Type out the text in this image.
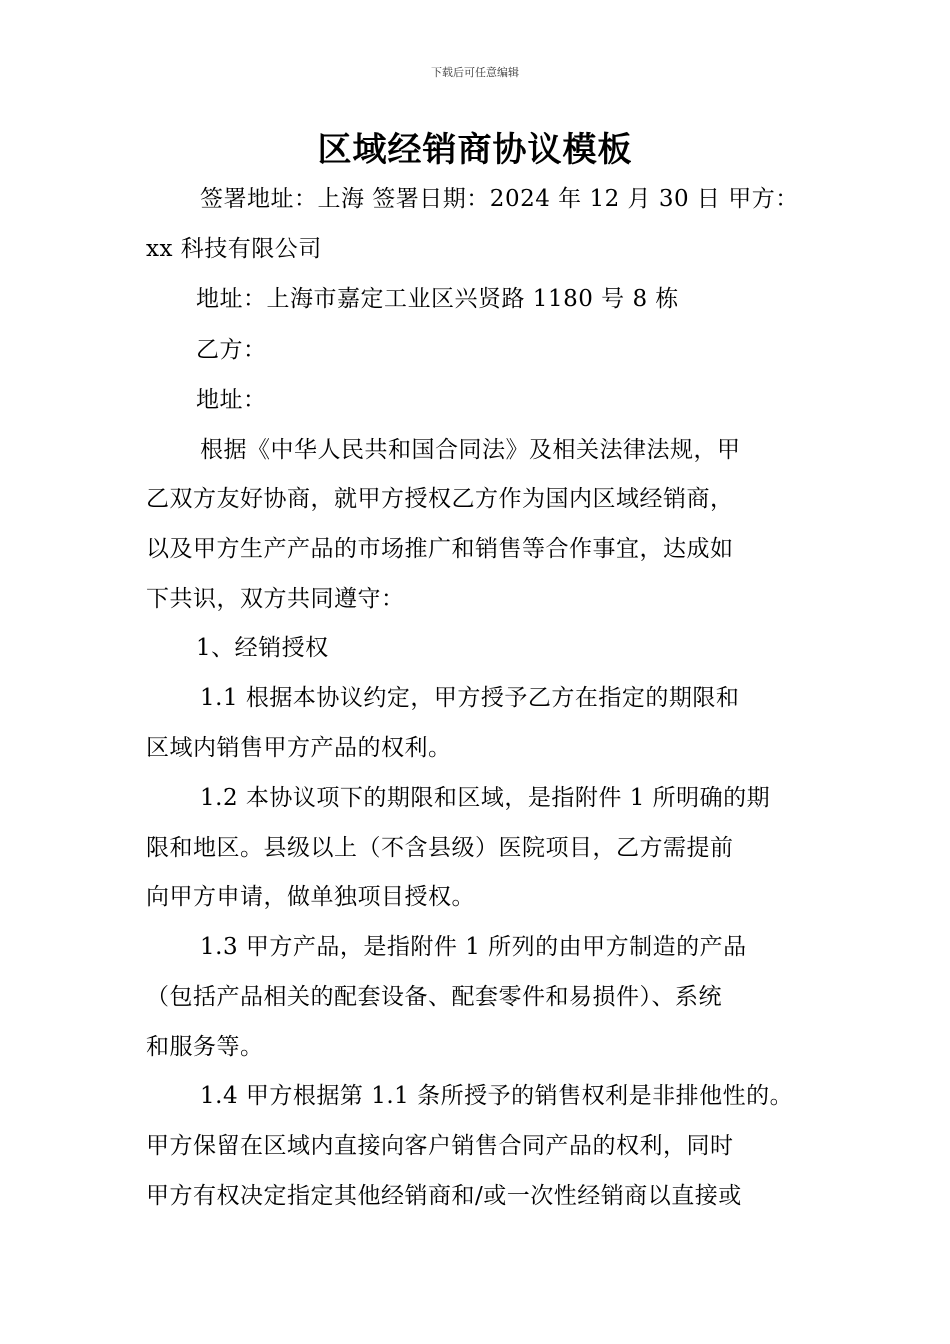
下载后可任意编辑
区域经销商协议模板
签署地址：上海 签署日期：2024 年 12 月 30 日 甲方：
xx 科技有限公司
地址：上海市嘉定工业区兴贤路 1180 号 8 栋
乙方：
地址：
根据《中华人民共和国合同法》及相关法律法规，甲
乙双方友好协商，就甲方授权乙方作为国内区域经销商，
以及甲方生产产品的市场推广和销售等合作事宜，达成如
下共识，双方共同遵守：
1、经销授权
1.1 根据本协议约定，甲方授予乙方在指定的期限和
区域内销售甲方产品的权利。
1.2 本协议项下的期限和区域，是指附件 1 所明确的期
限和地区。县级以上（不含县级）医院项目，乙方需提前
向甲方申请，做单独项目授权。
1.3 甲方产品，是指附件 1 所列的由甲方制造的产品
（包括产品相关的配套设备、配套零件和易损件）、系统
和服务等。
1.4 甲方根据第 1.1 条所授予的销售权利是非排他性的。
甲方保留在区域内直接向客户销售合同产品的权利，同时
甲方有权决定指定其他经销商和/或一次性经销商以直接或
